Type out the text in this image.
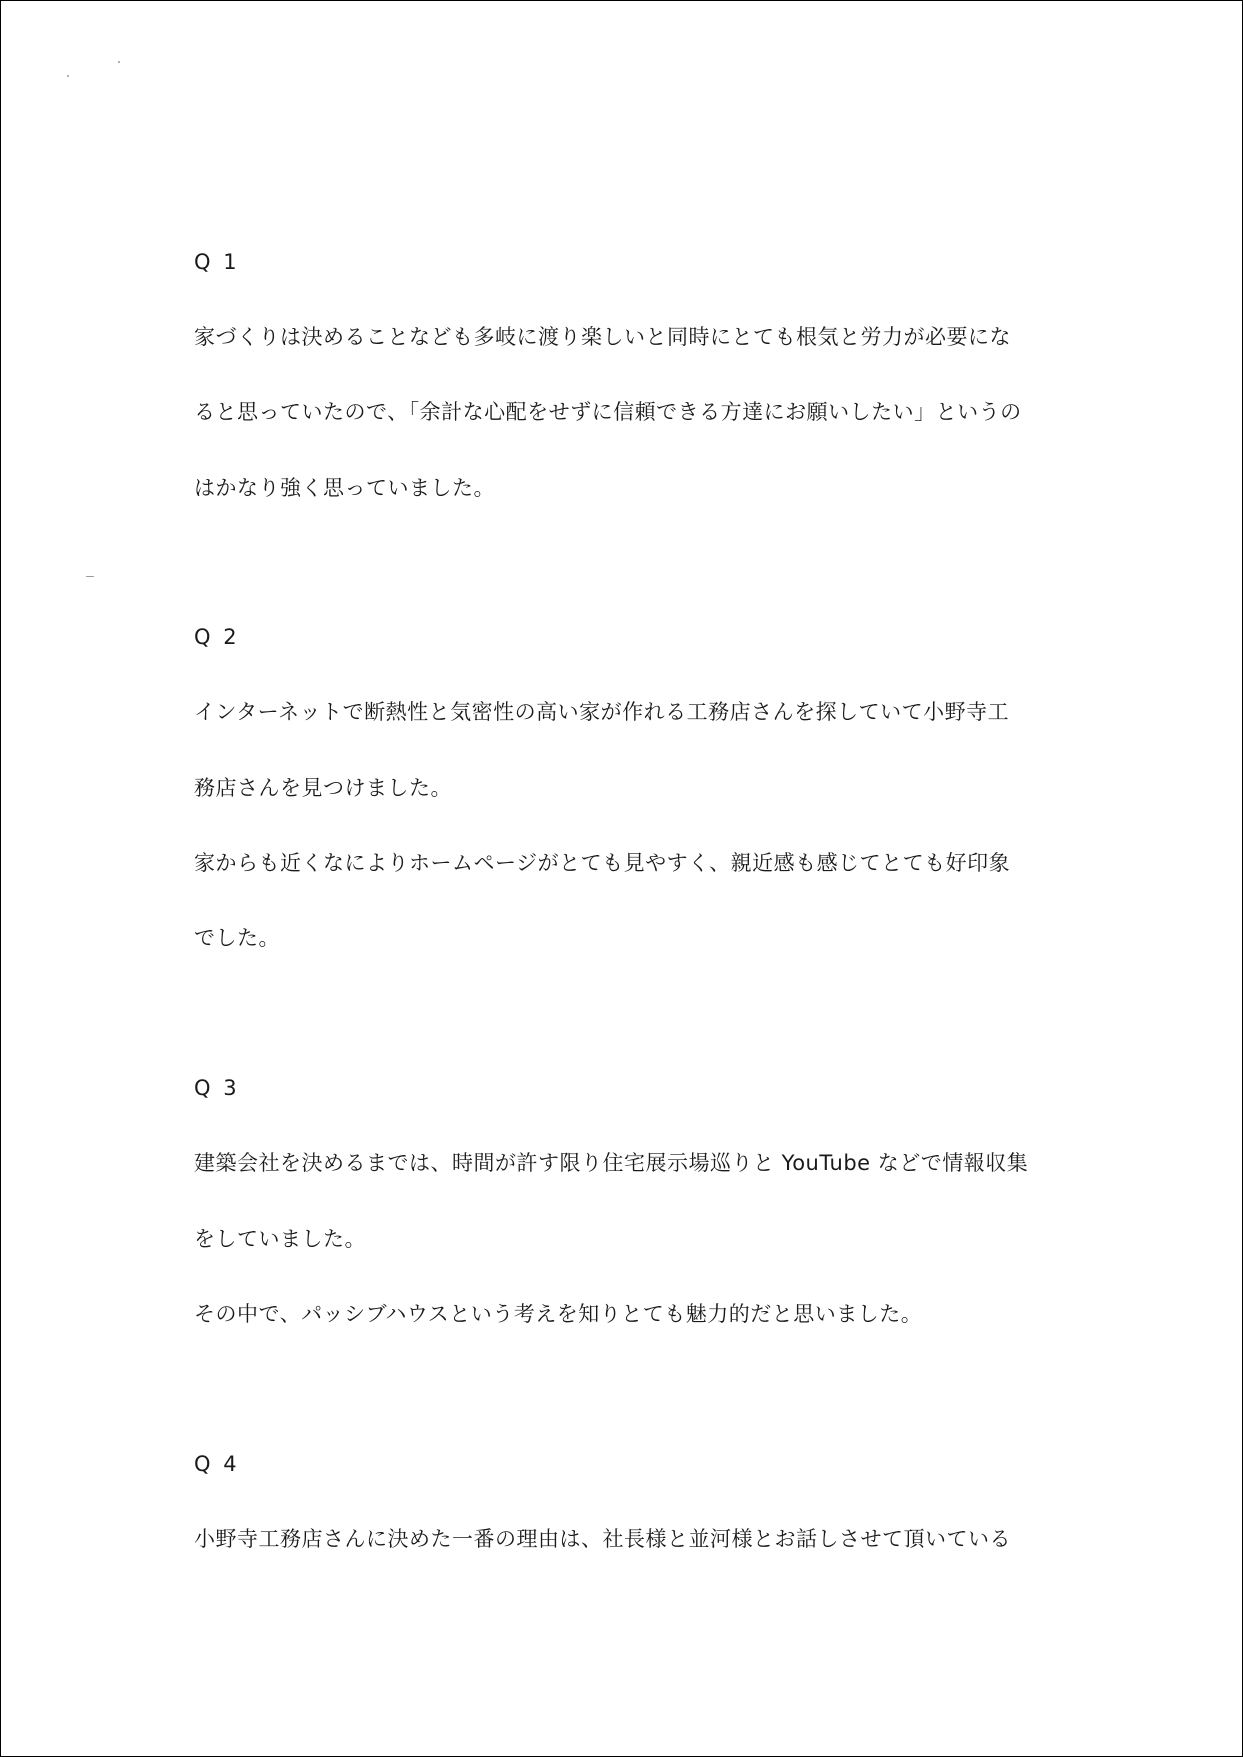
Q 1
家づくりは決めることなども多岐に渡り楽しいと同時にとても根気と労力が必要にな
ると思っていたので、「余計な心配をせずに信頼できる方達にお願いしたい」というの
はかなり強く思っていました。
Q 2
インターネットで断熱性と気密性の高い家が作れる工務店さんを探していて小野寺工
務店さんを見つけました。
家からも近くなによりホームページがとても見やすく、親近感も感じてとても好印象
でした。
Q 3
建築会社を決めるまでは、時間が許す限り住宅展示場巡りと YouTube などで情報収集
をしていました。
その中で、パッシブハウスという考えを知りとても魅力的だと思いました。
Q 4
小野寺工務店さんに決めた一番の理由は、社長様と並河様とお話しさせて頂いている
